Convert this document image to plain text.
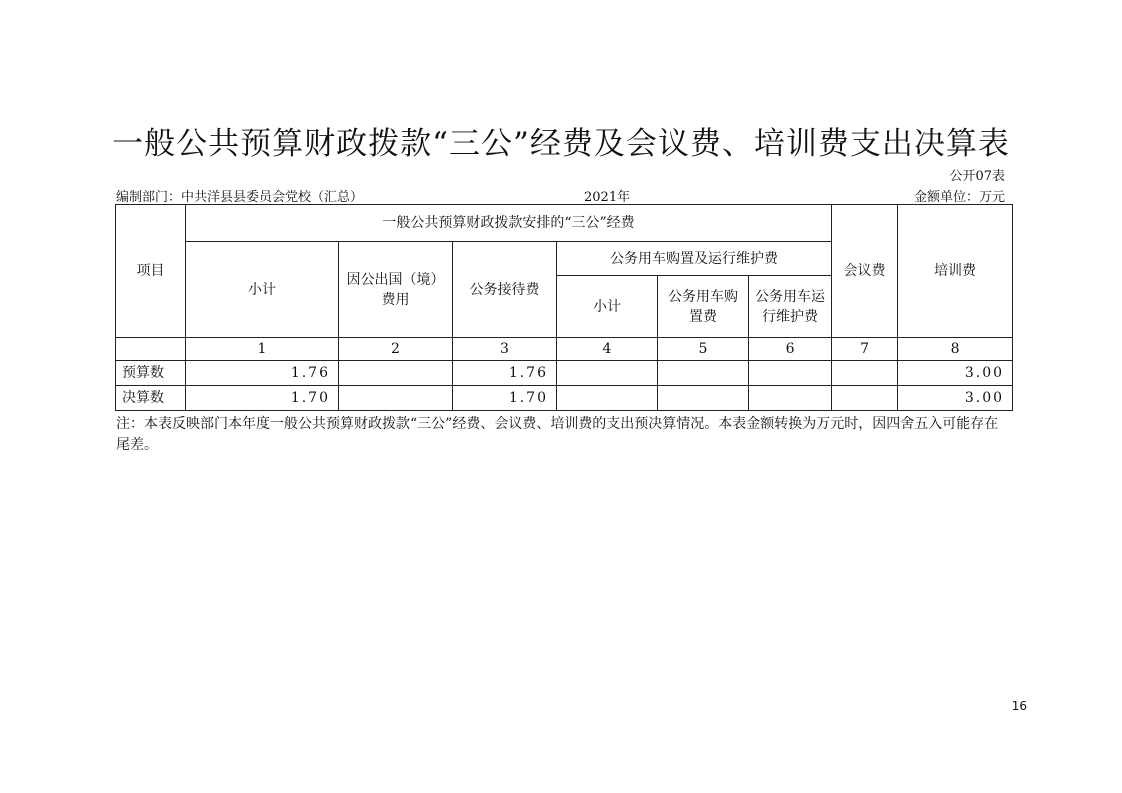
一般公共预算财政拨款“三公”经费及会议费、培训费支出决算表
公开07表
编制部门：中共洋县县委员会党校（汇总）	2021年	金额单位：万元
项目	一般公共预算财政拨款安排的“三公”经费						会议费	培训费
	小计	因公出国（境）费用	公务接待费	公务用车购置及运行维护费				
				小计	公务用车购置费	公务用车运行维护费		
	1	2	3	4	5	6	7	8
预算数	1.76		1.76					3.00
决算数	1.70		1.70					3.00
注：本表反映部门本年度一般公共预算财政拨款“三公”经费、会议费、培训费的支出预决算情况。本表金额转换为万元时，因四舍五入可能存在尾差。
16
